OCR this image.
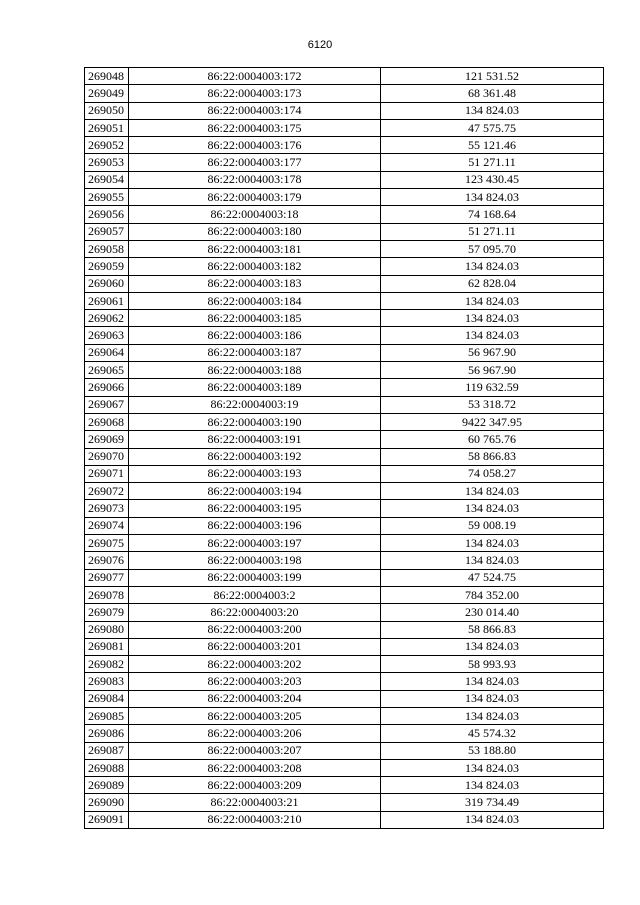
6120
269048	86:22:0004003:172	121 531.52
269049	86:22:0004003:173	68 361.48
269050	86:22:0004003:174	134 824.03
269051	86:22:0004003:175	47 575.75
269052	86:22:0004003:176	55 121.46
269053	86:22:0004003:177	51 271.11
269054	86:22:0004003:178	123 430.45
269055	86:22:0004003:179	134 824.03
269056	86:22:0004003:18	74 168.64
269057	86:22:0004003:180	51 271.11
269058	86:22:0004003:181	57 095.70
269059	86:22:0004003:182	134 824.03
269060	86:22:0004003:183	62 828.04
269061	86:22:0004003:184	134 824.03
269062	86:22:0004003:185	134 824.03
269063	86:22:0004003:186	134 824.03
269064	86:22:0004003:187	56 967.90
269065	86:22:0004003:188	56 967.90
269066	86:22:0004003:189	119 632.59
269067	86:22:0004003:19	53 318.72
269068	86:22:0004003:190	9422 347.95
269069	86:22:0004003:191	60 765.76
269070	86:22:0004003:192	58 866.83
269071	86:22:0004003:193	74 058.27
269072	86:22:0004003:194	134 824.03
269073	86:22:0004003:195	134 824.03
269074	86:22:0004003:196	59 008.19
269075	86:22:0004003:197	134 824.03
269076	86:22:0004003:198	134 824.03
269077	86:22:0004003:199	47 524.75
269078	86:22:0004003:2	784 352.00
269079	86:22:0004003:20	230 014.40
269080	86:22:0004003:200	58 866.83
269081	86:22:0004003:201	134 824.03
269082	86:22:0004003:202	58 993.93
269083	86:22:0004003:203	134 824.03
269084	86:22:0004003:204	134 824.03
269085	86:22:0004003:205	134 824.03
269086	86:22:0004003:206	45 574.32
269087	86:22:0004003:207	53 188.80
269088	86:22:0004003:208	134 824.03
269089	86:22:0004003:209	134 824.03
269090	86:22:0004003:21	319 734.49
269091	86:22:0004003:210	134 824.03
